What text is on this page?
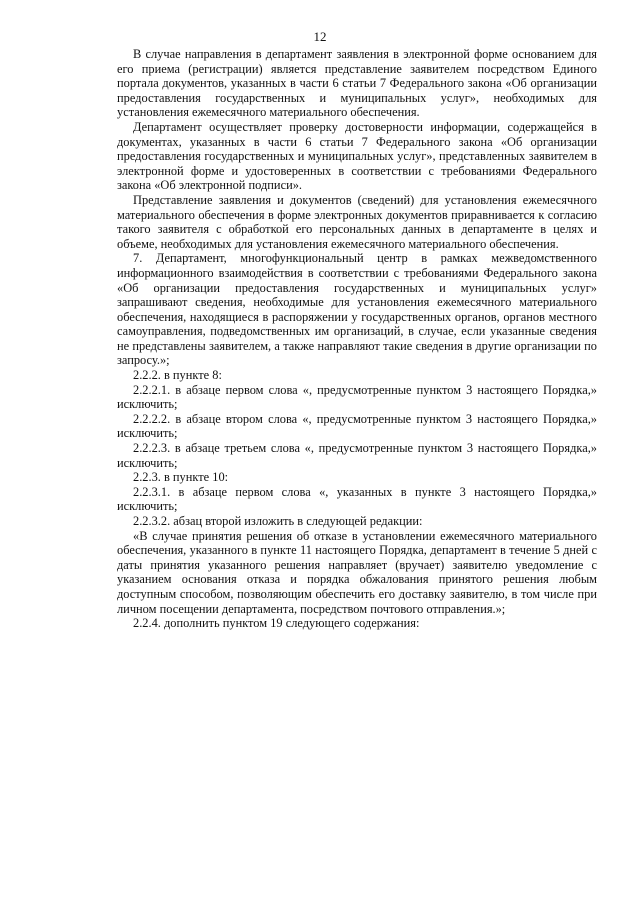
12

В случае направления в департамент заявления в электронной форме основанием для его приема (регистрации) является представление заявителем посредством Единого портала документов, указанных в части 6 статьи 7 Федерального закона «Об организации предоставления государственных и муниципальных услуг», необходимых для установления ежемесячного материального обеспечения.

Департамент осуществляет проверку достоверности информации, содержащейся в документах, указанных в части 6 статьи 7 Федерального закона «Об организации предоставления государственных и муниципальных услуг», представленных заявителем в электронной форме и удостоверенных в соответствии с требованиями Федерального закона «Об электронной подписи».

Представление заявления и документов (сведений) для установления ежемесячного материального обеспечения в форме электронных документов приравнивается к согласию такого заявителя с обработкой его персональных данных в департаменте в целях и объеме, необходимых для установления ежемесячного материального обеспечения.

7. Департамент, многофункциональный центр в рамках межведомственного информационного взаимодействия в соответствии с требованиями Федерального закона «Об организации предоставления государственных и муниципальных услуг» запрашивают сведения, необходимые для установления ежемесячного материального обеспечения, находящиеся в распоряжении у государственных органов, органов местного самоуправления, подведомственных им организаций, в случае, если указанные сведения не представлены заявителем, а также направляют такие сведения в другие организации по запросу.»;

2.2.2. в пункте 8:

2.2.2.1. в абзаце первом слова «, предусмотренные пунктом 3 настоящего Порядка,» исключить;

2.2.2.2. в абзаце втором слова «, предусмотренные пунктом 3 настоящего Порядка,» исключить;

2.2.2.3. в абзаце третьем слова «, предусмотренные пунктом 3 настоящего Порядка,» исключить;

2.2.3. в пункте 10:

2.2.3.1. в абзаце первом слова «, указанных в пункте 3 настоящего Порядка,» исключить;

2.2.3.2. абзац второй изложить в следующей редакции:

«В случае принятия решения об отказе в установлении ежемесячного материального обеспечения, указанного в пункте 11 настоящего Порядка, департамент в течение 5 дней с даты принятия указанного решения направляет (вручает) заявителю уведомление с указанием основания отказа и порядка обжалования принятого решения любым доступным способом, позволяющим обеспечить его доставку заявителю, в том числе при личном посещении департамента, посредством почтового отправления.»;

2.2.4. дополнить пунктом 19 следующего содержания:
